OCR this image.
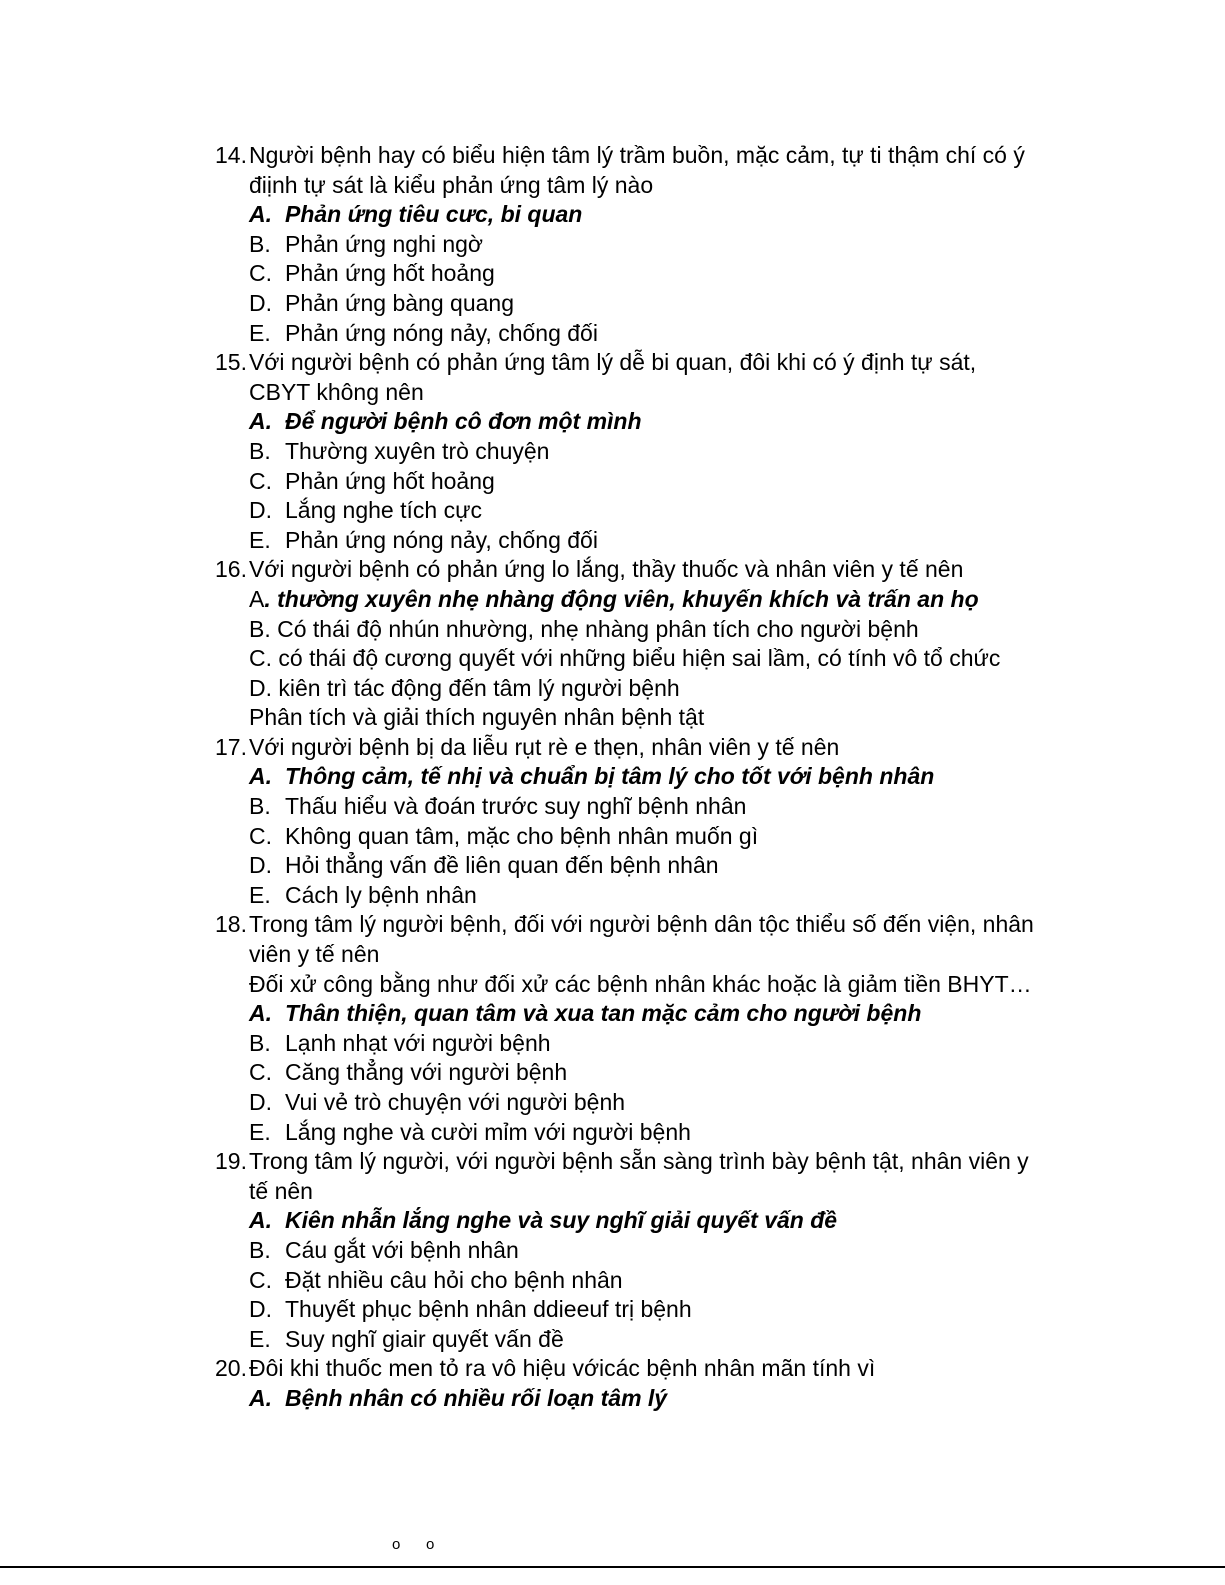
14. Người bệnh hay có biểu hiện tâm lý trầm buồn, mặc cảm, tự ti thậm chí có ý
điịnh tự sát là kiểu phản ứng tâm lý nào
A. Phản ứng tiêu cưc, bi quan
B. Phản ứng nghi ngờ
C. Phản ứng hốt hoảng
D. Phản ứng bàng quang
E. Phản ứng nóng nảy, chống đối
15. Với người bệnh có phản ứng tâm lý dễ bi quan, đôi khi có ý định tự sát,
CBYT không nên
A. Để người bệnh cô đơn một mình
B. Thường xuyên trò chuyện
C. Phản ứng hốt hoảng
D. Lắng nghe tích cực
E. Phản ứng nóng nảy, chống đối
16. Với người bệnh có phản ứng lo lắng, thầy thuốc và nhân viên y tế nên
A. thường xuyên nhẹ nhàng động viên, khuyến khích và trấn an họ
B. Có thái độ nhún nhường, nhẹ nhàng phân tích cho người bệnh
C. có thái độ cương quyết với những biểu hiện sai lầm, có tính vô tổ chức
D. kiên trì tác động đến tâm lý người bệnh
Phân tích và giải thích nguyên nhân bệnh tật
17. Với người bệnh bị da liễu rụt rè e thẹn, nhân viên y tế nên
A. Thông cảm, tế nhị và chuẩn bị tâm lý cho tốt với bệnh nhân
B. Thấu hiểu và đoán trước suy nghĩ bệnh nhân
C. Không quan tâm, mặc cho bệnh nhân muốn gì
D. Hỏi thẳng vấn đề liên quan đến bệnh nhân
E. Cách ly bệnh nhân
18. Trong tâm lý người bệnh, đối với người bệnh dân tộc thiểu số đến viện, nhân
viên y tế nên
Đối xử công bằng như đối xử các bệnh nhân khác hoặc là giảm tiền BHYT…
A. Thân thiện, quan tâm và xua tan mặc cảm cho người bệnh
B. Lạnh nhạt với người bệnh
C. Căng thẳng với người bệnh
D. Vui vẻ trò chuyện với người bệnh
E. Lắng nghe và cười mỉm với người bệnh
19. Trong tâm lý người, với người bệnh sẵn sàng trình bày bệnh tật, nhân viên y
tế nên
A. Kiên nhẫn lắng nghe và suy nghĩ giải quyết vấn đề
B. Cáu gắt với bệnh nhân
C. Đặt nhiều câu hỏi cho bệnh nhân
D. Thuyết phục bệnh nhân ddieeuf trị bệnh
E. Suy nghĩ giair quyết vấn đề
20. Đôi khi thuốc men tỏ ra vô hiệu vớicác bệnh nhân mãn tính vì
A. Bệnh nhân có nhiều rối loạn tâm lý
o o
